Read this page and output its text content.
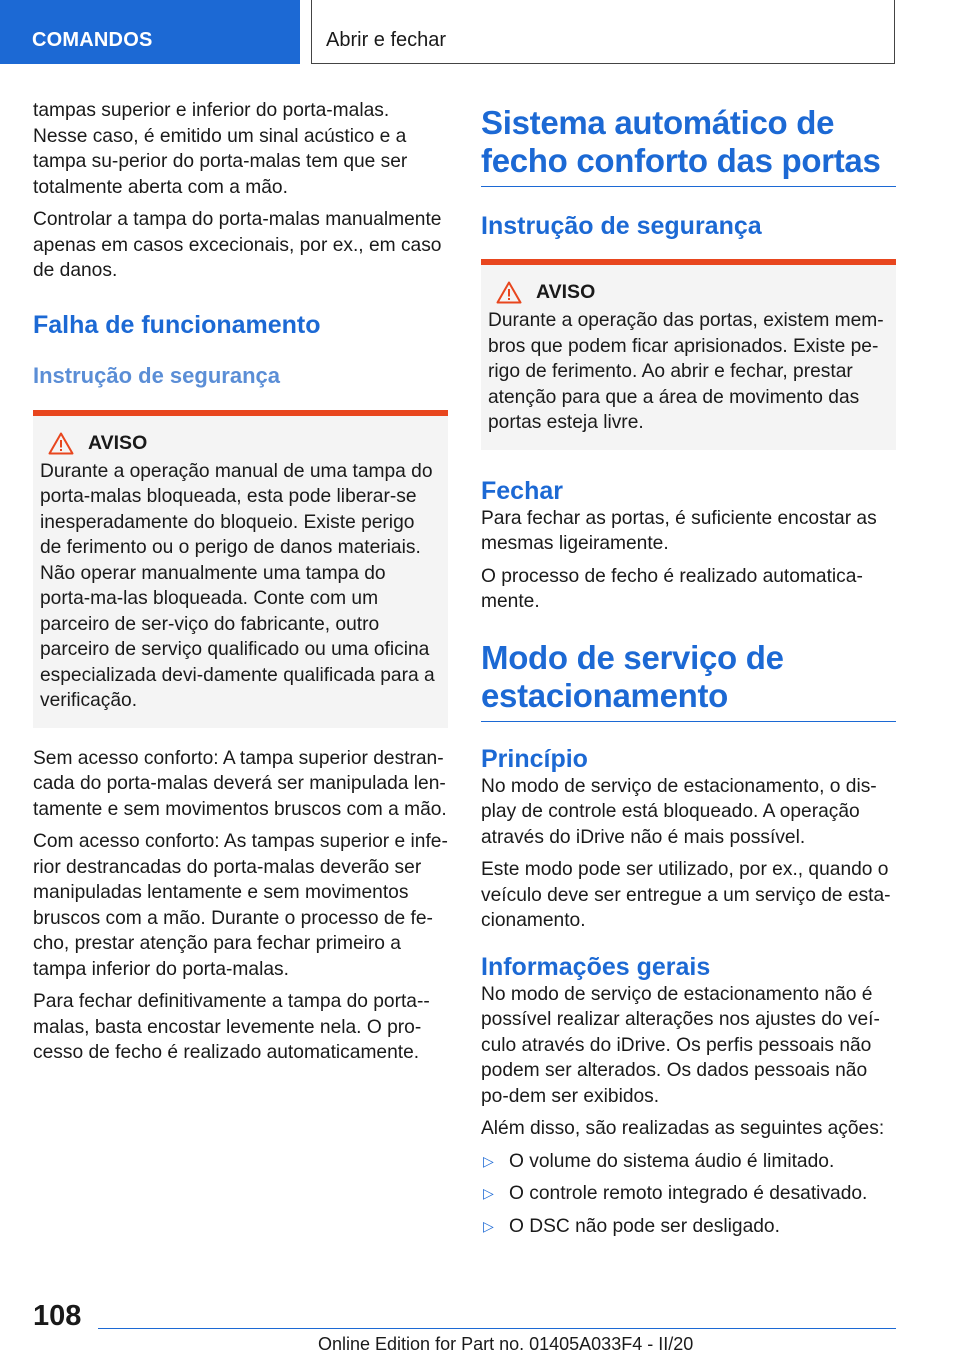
COMANDOS	Abrir e fechar

tampas superior e inferior do porta-malas. Nesse caso, é emitido um sinal acústico e a tampa su-perior do porta-malas tem que ser totalmente aberta com a mão.

Controlar a tampa do porta-malas manualmente apenas em casos excecionais, por ex., em caso de danos.

Falha de funcionamento
Instrução de segurança
AVISO

Durante a operação manual de uma tampa do porta-malas bloqueada, esta pode liberar-se inesperadamente do bloqueio. Existe perigo de ferimento ou o perigo de danos materiais. Não operar manualmente uma tampa do porta-ma-las bloqueada. Conte com um parceiro de ser-viço do fabricante, outro parceiro de serviço qualificado ou uma oficina especializada devi-damente qualificada para a verificação.

Sem acesso conforto: A tampa superior destran-cada do porta-malas deverá ser manipulada len-tamente e sem movimentos bruscos com a mão.

Com acesso conforto: As tampas superior e infe-rior destrancadas do porta-malas deverão ser manipuladas lentamente e sem movimentos bruscos com a mão. Durante o processo de fe-cho, prestar atenção para fechar primeiro a tampa inferior do porta-malas.

Para fechar definitivamente a tampa do porta--malas, basta encostar levemente nela. O pro-cesso de fecho é realizado automaticamente.

Sistema automático de fecho conforto das portas
Instrução de segurança
AVISO

Durante a operação das portas, existem mem-bros que podem ficar aprisionados. Existe pe-rigo de ferimento. Ao abrir e fechar, prestar atenção para que a área de movimento das portas esteja livre.

Fechar

Para fechar as portas, é suficiente encostar as mesmas ligeiramente.

O processo de fecho é realizado automatica-mente.

Modo de serviço de estacionamento
Princípio

No modo de serviço de estacionamento, o dis-play de controle está bloqueado. A operação através do iDrive não é mais possível.

Este modo pode ser utilizado, por ex., quando o veículo deve ser entregue a um serviço de esta-cionamento.

Informações gerais

No modo de serviço de estacionamento não é possível realizar alterações nos ajustes do veí-culo através do iDrive. Os perfis pessoais não podem ser alterados. Os dados pessoais não po-dem ser exibidos.

Além disso, são realizadas as seguintes ações:

▷ O volume do sistema áudio é limitado.
▷ O controle remoto integrado é desativado.
▷ O DSC não pode ser desligado.
108
Online Edition for Part no. 01405A033F4 - II/20
